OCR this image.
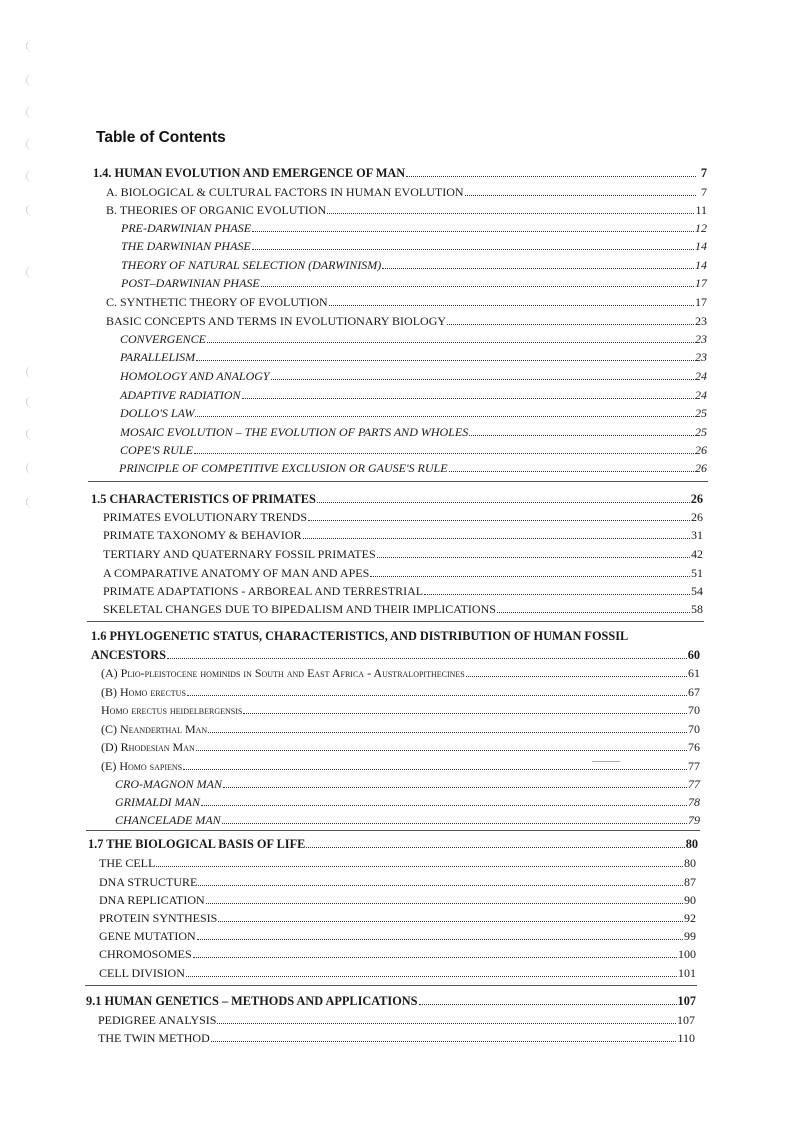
Table of Contents
1.4. HUMAN EVOLUTION AND EMERGENCE OF MAN	7
A. BIOLOGICAL & CULTURAL FACTORS IN HUMAN EVOLUTION	7
B. THEORIES OF ORGANIC EVOLUTION	11
PRE-DARWINIAN PHASE	12
THE DARWINIAN PHASE	14
THEORY OF NATURAL SELECTION (DARWINISM)	14
POST–DARWINIAN PHASE	17
C. SYNTHETIC THEORY OF EVOLUTION	17
BASIC CONCEPTS AND TERMS IN EVOLUTIONARY BIOLOGY	23
CONVERGENCE	23
PARALLELISM	23
HOMOLOGY AND ANALOGY	24
ADAPTIVE RADIATION	24
DOLLO'S LAW	25
MOSAIC EVOLUTION – THE EVOLUTION OF PARTS AND WHOLES	25
COPE'S RULE	26
PRINCIPLE OF COMPETITIVE EXCLUSION OR GAUSE'S RULE	26
1.5 CHARACTERISTICS OF PRIMATES	26
PRIMATES EVOLUTIONARY TRENDS	26
PRIMATE TAXONOMY & BEHAVIOR	31
TERTIARY AND QUATERNARY FOSSIL PRIMATES	42
A COMPARATIVE ANATOMY OF MAN AND APES	51
PRIMATE ADAPTATIONS - ARBOREAL AND TERRESTRIAL	54
SKELETAL CHANGES DUE TO BIPEDALISM AND THEIR IMPLICATIONS	58
1.6 PHYLOGENETIC STATUS, CHARACTERISTICS, AND DISTRIBUTION OF HUMAN FOSSIL
ANCESTORS	60
(A) Plio-pleistocene hominids in South and East Africa - Australopithecines	61
(B) Homo erectus	67
Homo erectus heidelbergensis	70
(C) Neanderthal Man	70
(D) Rhodesian Man	76
(E) Homo sapiens	77
CRO-MAGNON MAN	77
GRIMALDI MAN	78
CHANCELADE MAN	79
1.7 THE BIOLOGICAL BASIS OF LIFE	80
THE CELL	80
DNA STRUCTURE	87
DNA REPLICATION	90
PROTEIN SYNTHESIS	92
GENE MUTATION	99
CHROMOSOMES	100
CELL DIVISION	101
9.1 HUMAN GENETICS – METHODS AND APPLICATIONS	107
PEDIGREE ANALYSIS	107
THE TWIN METHOD	110
